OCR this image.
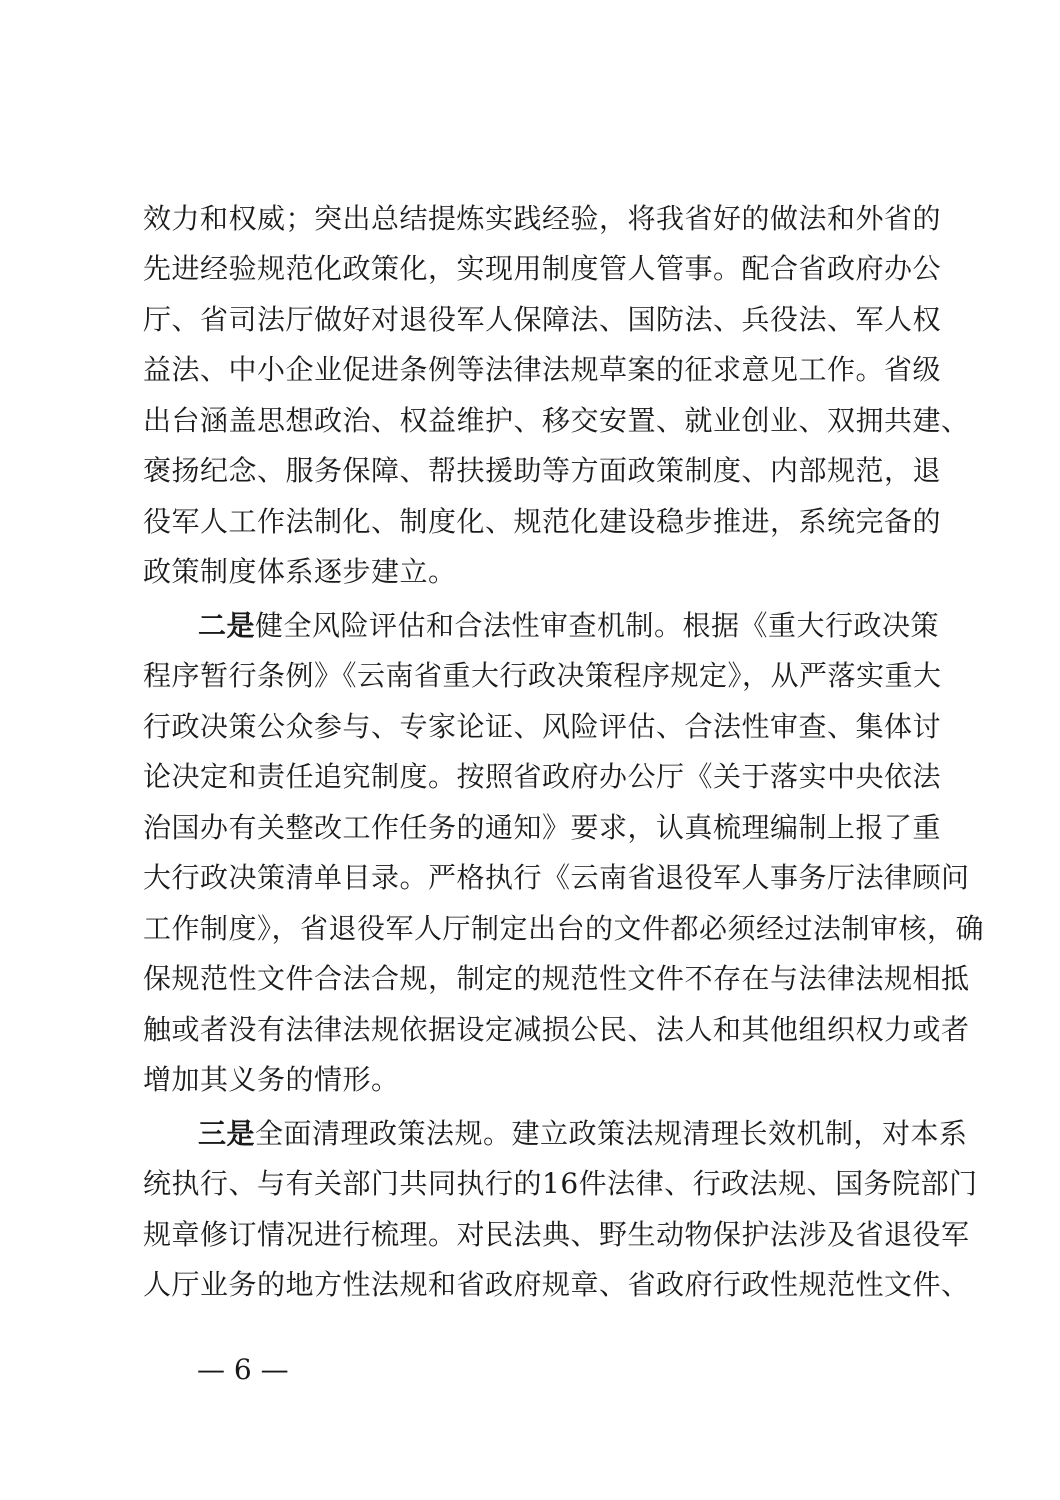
效力和权威；突出总结提炼实践经验，将我省好的做法和外省的
先进经验规范化政策化，实现用制度管人管事。配合省政府办公
厅、省司法厅做好对退役军人保障法、国防法、兵役法、军人权
益法、中小企业促进条例等法律法规草案的征求意见工作。省级
出台涵盖思想政治、权益维护、移交安置、就业创业、双拥共建、
褒扬纪念、服务保障、帮扶援助等方面政策制度、内部规范，退
役军人工作法制化、制度化、规范化建设稳步推进，系统完备的
政策制度体系逐步建立。
二是健全风险评估和合法性审查机制。根据《重大行政决策
程序暂行条例》《云南省重大行政决策程序规定》，从严落实重大
行政决策公众参与、专家论证、风险评估、合法性审查、集体讨
论决定和责任追究制度。按照省政府办公厅《关于落实中央依法
治国办有关整改工作任务的通知》要求，认真梳理编制上报了重
大行政决策清单目录。严格执行《云南省退役军人事务厅法律顾问
工作制度》，省退役军人厅制定出台的文件都必须经过法制审核，确
保规范性文件合法合规，制定的规范性文件不存在与法律法规相抵
触或者没有法律法规依据设定减损公民、法人和其他组织权力或者
增加其义务的情形。
三是全面清理政策法规。建立政策法规清理长效机制，对本系
统执行、与有关部门共同执行的16件法律、行政法规、国务院部门
规章修订情况进行梳理。对民法典、野生动物保护法涉及省退役军
人厅业务的地方性法规和省政府规章、省政府行政性规范性文件、
— 6 —
